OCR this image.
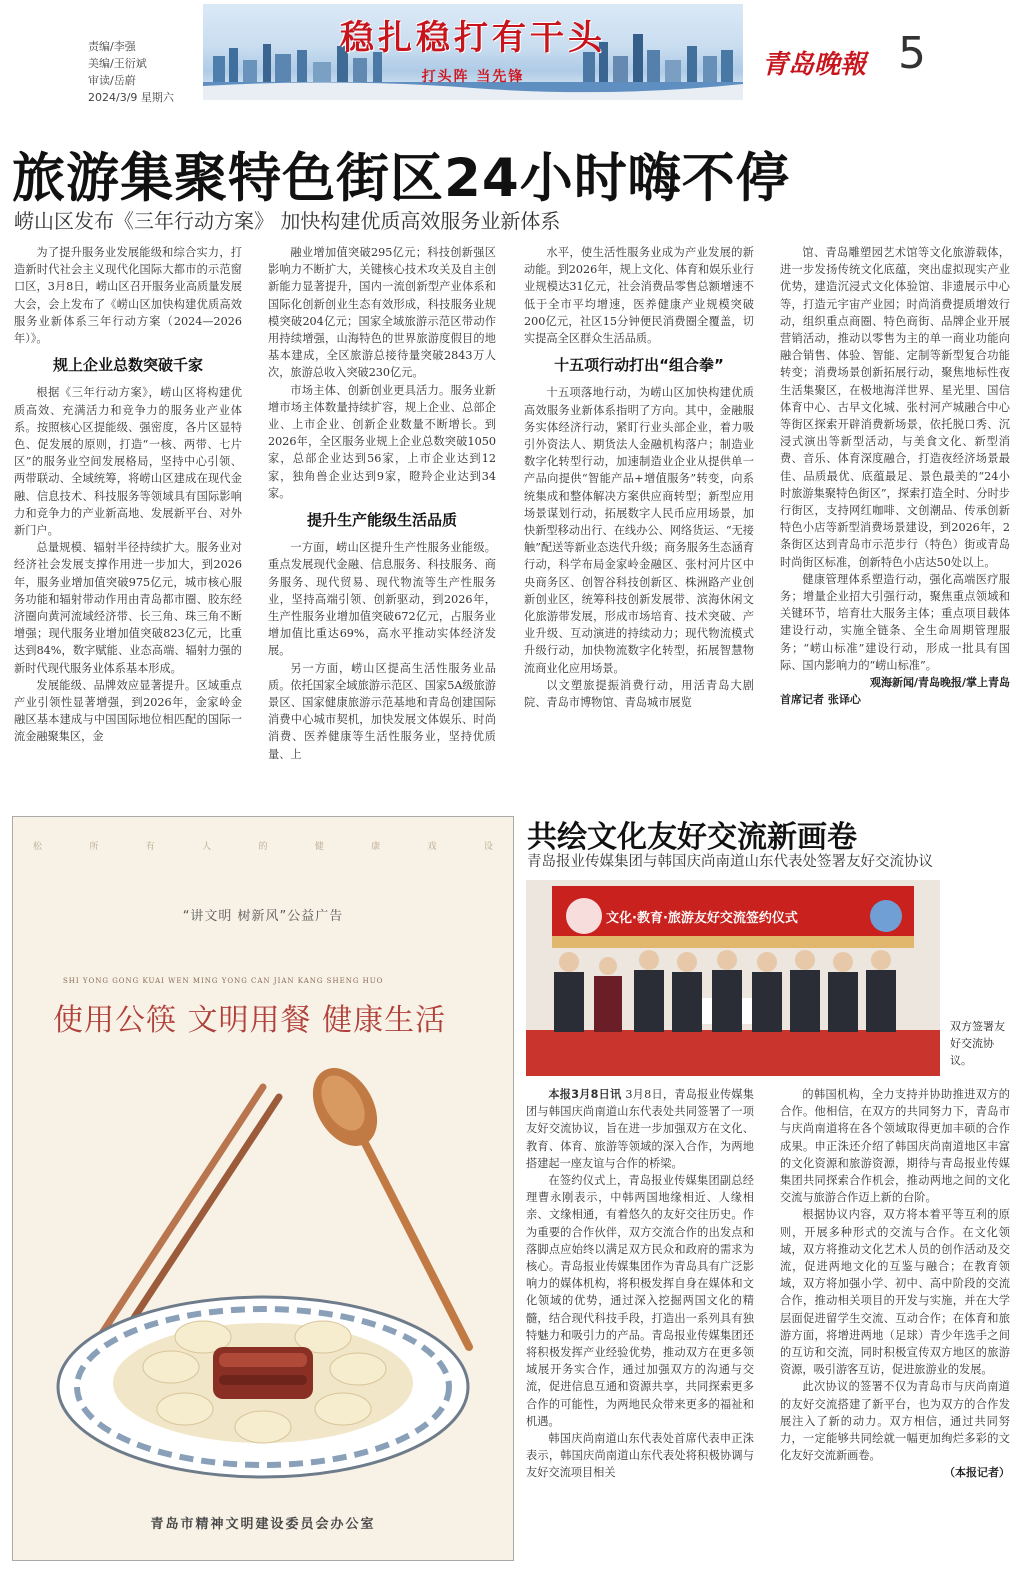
责编/李强
美编/王衍斌
审读/岳蔚
2024/3/9 星期六
稳扎稳打有干头
打头阵 当先锋	青岛晚報 5
旅游集聚特色街区24小时嗨不停
崂山区发布《三年行动方案》 加快构建优质高效服务业新体系

为了提升服务业发展能级和综合实力，打造新时代社会主义现代化国际大都市的示范窗口区，3月8日，崂山区召开服务业高质量发展大会，会上发布了《崂山区加快构建优质高效服务业新体系三年行动方案（2024—2026年）》。

规上企业总数突破千家

根据《三年行动方案》，崂山区将构建优质高效、充满活力和竞争力的服务业产业体系。按照核心区提能级、强密度，各片区显特色、促发展的原则，打造“一核、两带、七片区”的服务业空间发展格局，坚持中心引领、两带联动、全域统筹，将崂山区建成在现代金融、信息技术、科技服务等领域具有国际影响力和竞争力的产业新高地、发展新平台、对外新门户。

总量规模、辐射半径持续扩大。服务业对经济社会发展支撑作用进一步加大，到2026年，服务业增加值突破975亿元，城市核心服务功能和辐射带动作用由青岛都市圈、胶东经济圈向黄河流域经济带、长三角、珠三角不断增强；现代服务业增加值突破823亿元，比重达到84%，数字赋能、业态高端、辐射力强的新时代现代服务业体系基本形成。

发展能级、品牌效应显著提升。区域重点产业引领性显著增强，到2026年，金家岭金融区基本建成与中国国际地位相匹配的国际一流金融聚集区，金

融业增加值突破295亿元；科技创新强区影响力不断扩大，关键核心技术攻关及自主创新能力显著提升，国内一流创新型产业体系和国际化创新创业生态有效形成，科技服务业规模突破204亿元；国家全域旅游示范区带动作用持续增强，山海特色的世界旅游度假目的地基本建成，全区旅游总接待量突破2843万人次，旅游总收入突破230亿元。

市场主体、创新创业更具活力。服务业新增市场主体数量持续扩容，规上企业、总部企业、上市企业、创新企业数量不断增长。到2026年，全区服务业规上企业总数突破1050家，总部企业达到56家，上市企业达到12家，独角兽企业达到9家，瞪羚企业达到34家。

提升生产能级生活品质

一方面，崂山区提升生产性服务业能级。重点发展现代金融、信息服务、科技服务、商务服务、现代贸易、现代物流等生产性服务业，坚持高端引领、创新驱动，到2026年，生产性服务业增加值突破672亿元，占服务业增加值比重达69%，高水平推动实体经济发展。

另一方面，崂山区提高生活性服务业品质。依托国家全域旅游示范区、国家5A级旅游景区、国家健康旅游示范基地和青岛创建国际消费中心城市契机，加快发展文体娱乐、时尚消费、医养健康等生活性服务业，坚持优质量、上

水平，使生活性服务业成为产业发展的新动能。到2026年，规上文化、体育和娱乐业行业规模达31亿元，社会消费品零售总额增速不低于全市平均增速，医养健康产业规模突破200亿元，社区15分钟便民消费圈全覆盖，切实提高全区群众生活品质。

十五项行动打出“组合拳”

十五项落地行动，为崂山区加快构建优质高效服务业新体系指明了方向。其中，金融服务实体经济行动，紧盯行业头部企业，着力吸引外资法人、期货法人金融机构落户；制造业数字化转型行动，加速制造业企业从提供单一产品向提供“智能产品+增值服务”转变，向系统集成和整体解决方案供应商转型；新型应用场景谋划行动，拓展数字人民币应用场景，加快新型移动出行、在线办公、网络货运、“无接触”配送等新业态迭代升级；商务服务生态涵育行动，科学布局金家岭金融区、张村河片区中央商务区、创智谷科技创新区、株洲路产业创新创业区，统筹科技创新发展带、滨海休闲文化旅游带发展，形成市场培育、技术突破、产业升级、互动演进的持续动力；现代物流模式升级行动，加快物流数字化转型，拓展智慧物流商业化应用场景。

以文塑旅提振消费行动，用活青岛大剧院、青岛市博物馆、青岛城市展览

馆、青岛雕塑园艺术馆等文化旅游载体，进一步发扬传统文化底蕴，突出虚拟现实产业优势，建造沉浸式文化体验馆、非遗展示中心等，打造元宇宙产业园；时尚消费提质增效行动，组织重点商圈、特色商街、品牌企业开展营销活动，推动以零售为主的单一商业功能向融合销售、体验、智能、定制等新型复合功能转变；消费场景创新拓展行动，聚焦地标性夜生活集聚区，在极地海洋世界、星光里、国信体育中心、古早文化城、张村河产城融合中心等街区探索开辟消费新场景，依托脱口秀、沉浸式演出等新型活动，与美食文化、新型消费、音乐、体育深度融合，打造夜经济场景最佳、品质最优、底蕴最足、景色最美的“24小时旅游集聚特色街区”，探索打造全时、分时步行街区，支持网红咖啡、文创潮品、传承创新特色小店等新型消费场景建设，到2026年，2条街区达到青岛市示范步行（特色）街或青岛时尚街区标准，创新特色小店达50处以上。

健康管理体系塑造行动，强化高端医疗服务；增量企业招大引强行动，聚焦重点领域和关键环节，培育壮大服务主体；重点项目载体建设行动，实施全链条、全生命周期管理服务；“崂山标准”建设行动，形成一批具有国际、国内影响力的“崂山标准”。

观海新闻/青岛晚报/掌上青岛
首席记者 张译心
松	所	有	人	的	健	康	戏	设
“讲文明 树新风”公益广告
SHI YONG GONG KUAI WEN MING YONG CAN JIAN KANG SHENG HUO
使用公筷 文明用餐 健康生活
青岛市精神文明建设委员会办公室
共绘文化友好交流新画卷
青岛报业传媒集团与韩国庆尚南道山东代表处签署友好交流协议
文化·教育·旅游友好交流签约仪式
双方签署友好交流协议。

本报3月8日讯 3月8日，青岛报业传媒集团与韩国庆尚南道山东代表处共同签署了一项友好交流协议，旨在进一步加强双方在文化、教育、体育、旅游等领域的深入合作，为两地搭建起一座友谊与合作的桥梁。

在签约仪式上，青岛报业传媒集团副总经理曹永刚表示，中韩两国地缘相近、人缘相亲、文缘相通，有着悠久的友好交往历史。作为重要的合作伙伴，双方交流合作的出发点和落脚点应始终以满足双方民众和政府的需求为核心。青岛报业传媒集团作为青岛具有广泛影响力的媒体机构，将积极发挥自身在媒体和文化领域的优势，通过深入挖掘两国文化的精髓，结合现代科技手段，打造出一系列具有独特魅力和吸引力的产品。青岛报业传媒集团还将积极发挥产业经验优势，推动双方在更多领域展开务实合作，通过加强双方的沟通与交流，促进信息互通和资源共享，共同探索更多合作的可能性，为两地民众带来更多的福祉和机遇。

韩国庆尚南道山东代表处首席代表申正洙表示，韩国庆尚南道山东代表处将积极协调与友好交流项目相关

的韩国机构，全力支持并协助推进双方的合作。他相信，在双方的共同努力下，青岛市与庆尚南道将在各个领域取得更加丰硕的合作成果。申正洙还介绍了韩国庆尚南道地区丰富的文化资源和旅游资源，期待与青岛报业传媒集团共同探索合作机会，推动两地之间的文化交流与旅游合作迈上新的台阶。

根据协议内容，双方将本着平等互利的原则，开展多种形式的交流与合作。在文化领域，双方将推动文化艺术人员的创作活动及交流，促进两地文化的互鉴与融合；在教育领域，双方将加强小学、初中、高中阶段的交流合作，推动相关项目的开发与实施，并在大学层面促进留学生交流、互动合作；在体育和旅游方面，将增进两地（足球）青少年选手之间的互访和交流，同时积极宣传双方地区的旅游资源，吸引游客互访，促进旅游业的发展。

此次协议的签署不仅为青岛市与庆尚南道的友好交流搭建了新平台，也为双方的合作发展注入了新的动力。双方相信，通过共同努力，一定能够共同绘就一幅更加绚烂多彩的文化友好交流新画卷。

（本报记者）
